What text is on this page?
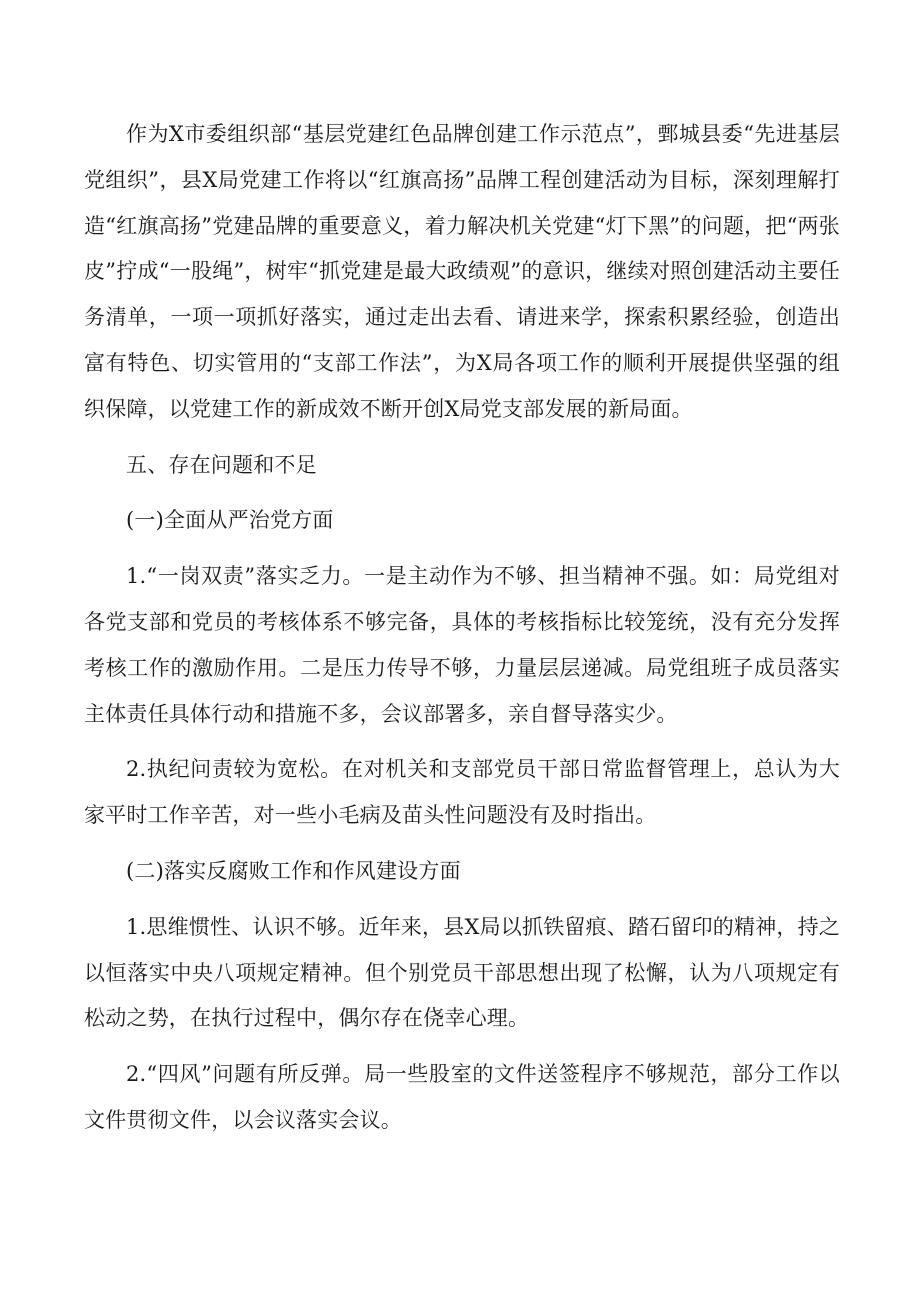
作为X市委组织部“基层党建红色品牌创建工作示范点”，鄄城县委“先进基层党组织”，县X局党建工作将以“红旗高扬”品牌工程创建活动为目标，深刻理解打造“红旗高扬”党建品牌的重要意义，着力解决机关党建“灯下黑”的问题，把“两张皮”拧成“一股绳”，树牢“抓党建是最大政绩观”的意识，继续对照创建活动主要任务清单，一项一项抓好落实，通过走出去看、请进来学，探索积累经验，创造出富有特色、切实管用的“支部工作法”，为X局各项工作的顺利开展提供坚强的组织保障，以党建工作的新成效不断开创X局党支部发展的新局面。

五、存在问题和不足

(一)全面从严治党方面

1.“一岗双责”落实乏力。一是主动作为不够、担当精神不强。如：局党组对各党支部和党员的考核体系不够完备，具体的考核指标比较笼统，没有充分发挥考核工作的激励作用。二是压力传导不够，力量层层递减。局党组班子成员落实主体责任具体行动和措施不多，会议部署多，亲自督导落实少。

2.执纪问责较为宽松。在对机关和支部党员干部日常监督管理上，总认为大家平时工作辛苦，对一些小毛病及苗头性问题没有及时指出。

(二)落实反腐败工作和作风建设方面

1.思维惯性、认识不够。近年来，县X局以抓铁留痕、踏石留印的精神，持之以恒落实中央八项规定精神。但个别党员干部思想出现了松懈，认为八项规定有松动之势，在执行过程中，偶尔存在侥幸心理。

2.“四风”问题有所反弹。局一些股室的文件送签程序不够规范，部分工作以文件贯彻文件，以会议落实会议。
